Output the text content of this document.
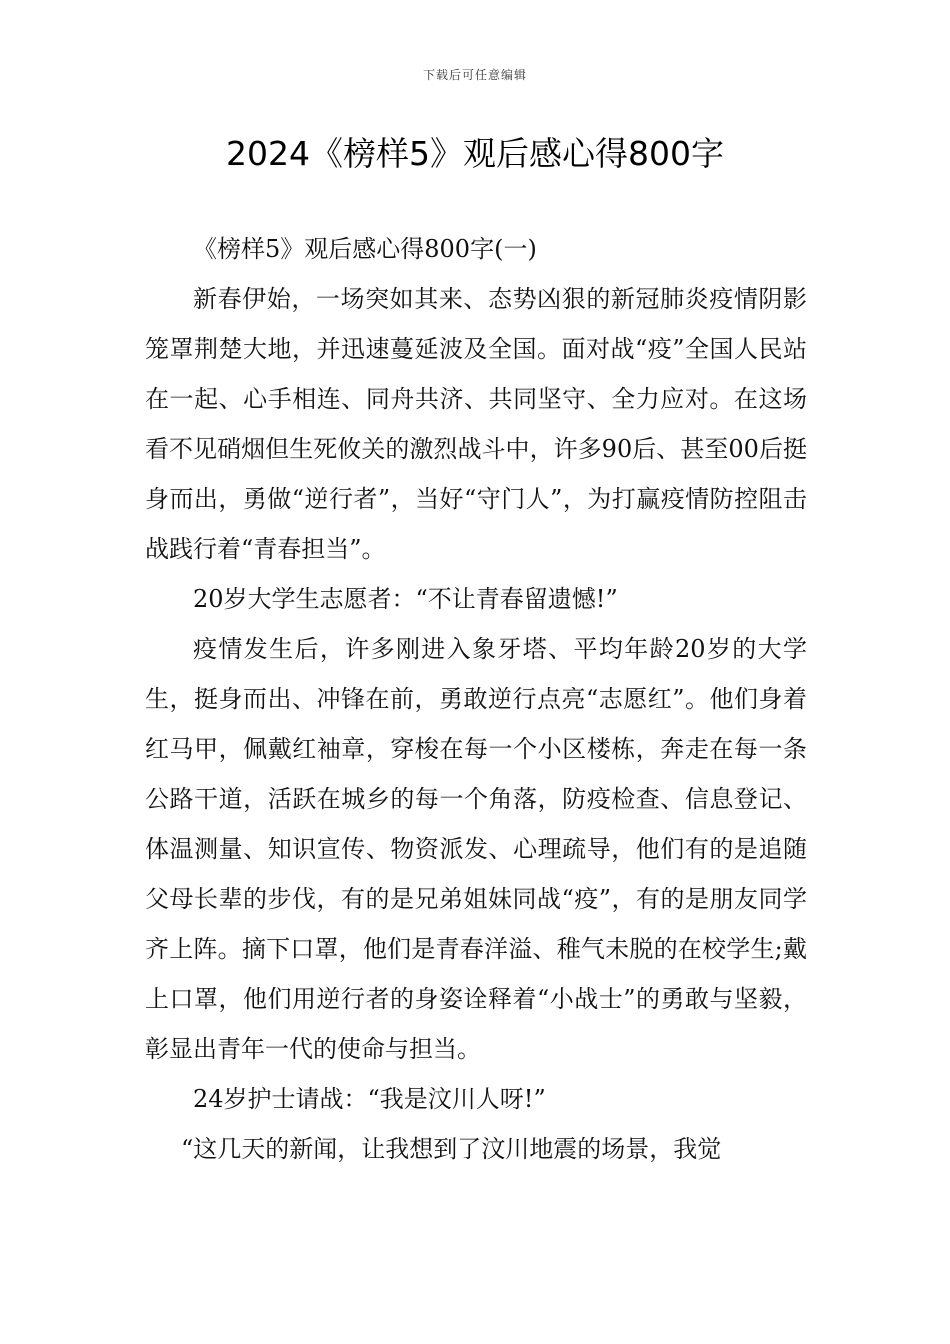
下载后可任意编辑
2024《榜样5》观后感心得800字

《榜样5》观后感心得800字(一)

新春伊始，一场突如其来、态势凶狠的新冠肺炎疫情阴影笼罩荆楚大地，并迅速蔓延波及全国。面对战“疫”全国人民站在一起、心手相连、同舟共济、共同坚守、全力应对。在这场看不见硝烟但生死攸关的激烈战斗中，许多90后、甚至00后挺身而出，勇做“逆行者”，当好“守门人”，为打赢疫情防控阻击战践行着“青春担当”。

20岁大学生志愿者：“不让青春留遗憾!”

疫情发生后，许多刚进入象牙塔、平均年龄20岁的大学生，挺身而出、冲锋在前，勇敢逆行点亮“志愿红”。他们身着红马甲，佩戴红袖章，穿梭在每一个小区楼栋，奔走在每一条公路干道，活跃在城乡的每一个角落，防疫检查、信息登记、体温测量、知识宣传、物资派发、心理疏导，他们有的是追随父母长辈的步伐，有的是兄弟姐妹同战“疫”，有的是朋友同学齐上阵。摘下口罩，他们是青春洋溢、稚气未脱的在校学生;戴上口罩，他们用逆行者的身姿诠释着“小战士”的勇敢与坚毅，彰显出青年一代的使命与担当。

24岁护士请战：“我是汶川人呀!”

“这几天的新闻，让我想到了汶川地震的场景，我觉
